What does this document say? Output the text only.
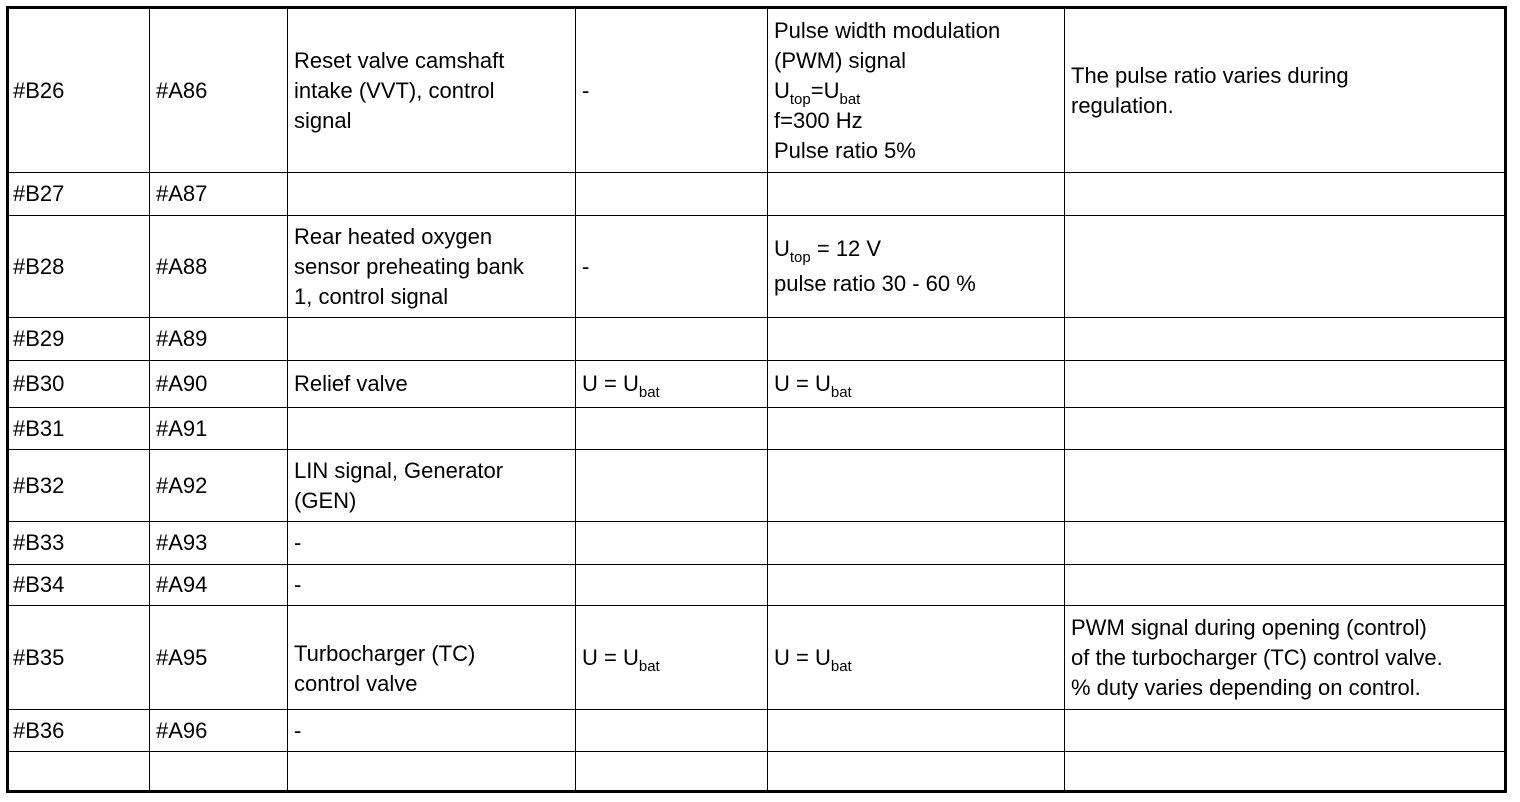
#B26	#A86	Reset valve camshaft
intake (VVT), control
signal	-	Pulse width modulation
(PWM) signal
$U_{top}=U_{bat}$
f=300 Hz
Pulse ratio 5%	The pulse ratio varies during
regulation.

#B27	#A87				
#B28	#A88	Rear heated oxygen
sensor preheating bank
1, control signal	-	$U_{top} = 12$ V
pulse ratio 30 - 60 %	

#B29	#A89				
#B30	#A90	Relief valve	$U = U_{bat}$	$U = U_{bat}$	
#B31	#A91				
#B32	#A92	LIN signal, Generator
(GEN)			

#B33	#A93	-			
#B34	#A94	-			
#B35	#A95	Turbocharger (TC)
control valve	$U = U_{bat}$	$U = U_{bat}$	PWM signal during opening (control)
of the turbocharger (TC) control valve.
% duty varies depending on control.

#B36	#A96	-			
